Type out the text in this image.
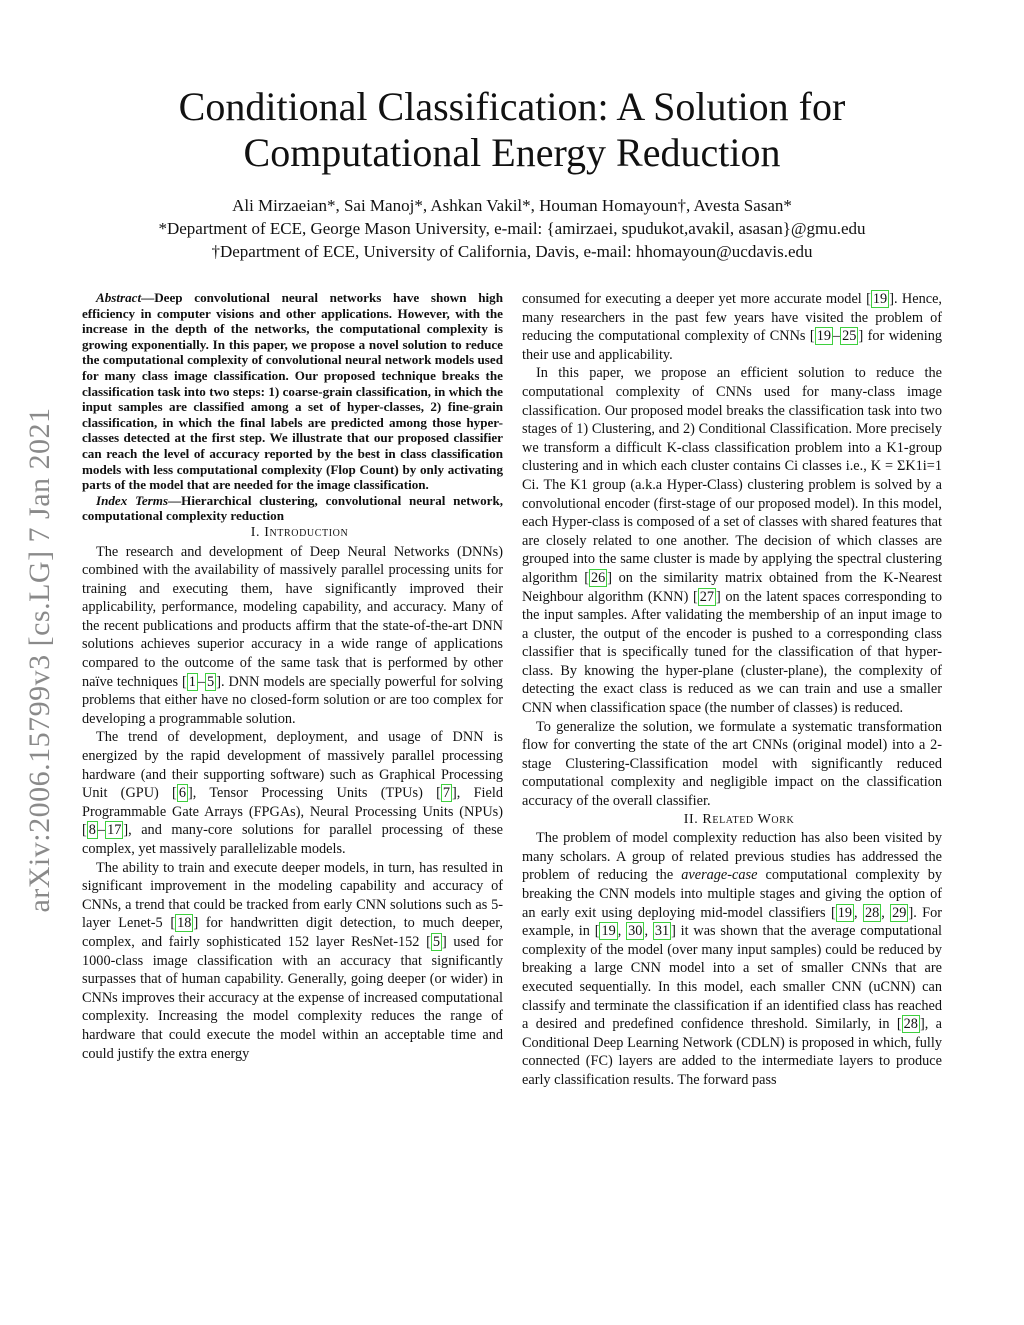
arXiv:2006.15799v3 [cs.LG] 7 Jan 2021
Conditional Classification: A Solution for
Computational Energy Reduction
Ali Mirzaeian*, Sai Manoj*, Ashkan Vakil*, Houman Homayoun†, Avesta Sasan*
*Department of ECE, George Mason University, e-mail: {amirzaei, spudukot,avakil, asasan}@gmu.edu
†Department of ECE, University of California, Davis, e-mail: hhomayoun@ucdavis.edu

Abstract—Deep convolutional neural networks have shown high efficiency in computer visions and other applications. However, with the increase in the depth of the networks, the computational complexity is growing exponentially. In this paper, we propose a novel solution to reduce the computational complexity of convolutional neural network models used for many class image classification. Our proposed technique breaks the classification task into two steps: 1) coarse-grain classification, in which the input samples are classified among a set of hyper-classes, 2) fine-grain classification, in which the final labels are predicted among those hyper-classes detected at the first step. We illustrate that our proposed classifier can reach the level of accuracy reported by the best in class classification models with less computational complexity (Flop Count) by only activating parts of the model that are needed for the image classification.

Index Terms—Hierarchical clustering, convolutional neural network, computational complexity reduction

I. Introduction

The research and development of Deep Neural Networks (DNNs) combined with the availability of massively parallel processing units for training and executing them, have significantly improved their applicability, performance, modeling capability, and accuracy. Many of the recent publications and products affirm that the state-of-the-art DNN solutions achieves superior accuracy in a wide range of applications compared to the outcome of the same task that is performed by other naïve techniques [ 1 – 5 ]. DNN models are specially powerful for solving problems that either have no closed-form solution or are too complex for developing a programmable solution.

The trend of development, deployment, and usage of DNN is energized by the rapid development of massively parallel processing hardware (and their supporting software) such as Graphical Processing Unit (GPU) [ 6 ], Tensor Processing Units (TPUs) [ 7 ], Field Programmable Gate Arrays (FPGAs), Neural Processing Units (NPUs) [ 8 – 17 ], and many-core solutions for parallel processing of these complex, yet massively parallelizable models.

The ability to train and execute deeper models, in turn, has resulted in significant improvement in the modeling capability and accuracy of CNNs, a trend that could be tracked from early CNN solutions such as 5-layer Lenet-5 [ 18 ] for handwritten digit detection, to much deeper, complex, and fairly sophisticated 152 layer ResNet-152 [ 5 ] used for 1000-class image classification with an accuracy that significantly surpasses that of human capability. Generally, going deeper (or wider) in CNNs improves their accuracy at the expense of increased computational complexity. Increasing the model complexity reduces the range of hardware that could execute the model within an acceptable time and could justify the extra energy

consumed for executing a deeper yet more accurate model [ 19 ]. Hence, many researchers in the past few years have visited the problem of reducing the computational complexity of CNNs [ 19 – 25 ] for widening their use and applicability.

In this paper, we propose an efficient solution to reduce the computational complexity of CNNs used for many-class image classification. Our proposed model breaks the classification task into two stages of 1) Clustering, and 2) Conditional Classification. More precisely we transform a difficult K-class classification problem into a K1-group clustering and in which each cluster contains Ci classes i.e., K = ΣK1i=1 Ci. The K1 group (a.k.a Hyper-Class) clustering problem is solved by a convolutional encoder (first-stage of our proposed model). In this model, each Hyper-class is composed of a set of classes with shared features that are closely related to one another. The decision of which classes are grouped into the same cluster is made by applying the spectral clustering algorithm [ 26 ] on the similarity matrix obtained from the K-Nearest Neighbour algorithm (KNN) [ 27 ] on the latent spaces corresponding to the input samples. After validating the membership of an input image to a cluster, the output of the encoder is pushed to a corresponding class classifier that is specifically tuned for the classification of that hyper-class. By knowing the hyper-plane (cluster-plane), the complexity of detecting the exact class is reduced as we can train and use a smaller CNN when classification space (the number of classes) is reduced.

To generalize the solution, we formulate a systematic transformation flow for converting the state of the art CNNs (original model) into a 2-stage Clustering-Classification model with significantly reduced computational complexity and negligible impact on the classification accuracy of the overall classifier.

II. Related Work

The problem of model complexity reduction has also been visited by many scholars. A group of related previous studies has addressed the problem of reducing the average-case computational complexity by breaking the CNN models into multiple stages and giving the option of an early exit using deploying mid-model classifiers [ 19 , 28 , 29 ]. For example, in [ 19 , 30 , 31 ] it was shown that the average computational complexity of the model (over many input samples) could be reduced by breaking a large CNN model into a set of smaller CNNs that are executed sequentially. In this model, each smaller CNN (uCNN) can classify and terminate the classification if an identified class has reached a desired and predefined confidence threshold. Similarly, in [ 28 ], a Conditional Deep Learning Network (CDLN) is proposed in which, fully connected (FC) layers are added to the intermediate layers to produce early classification results. The forward pass
